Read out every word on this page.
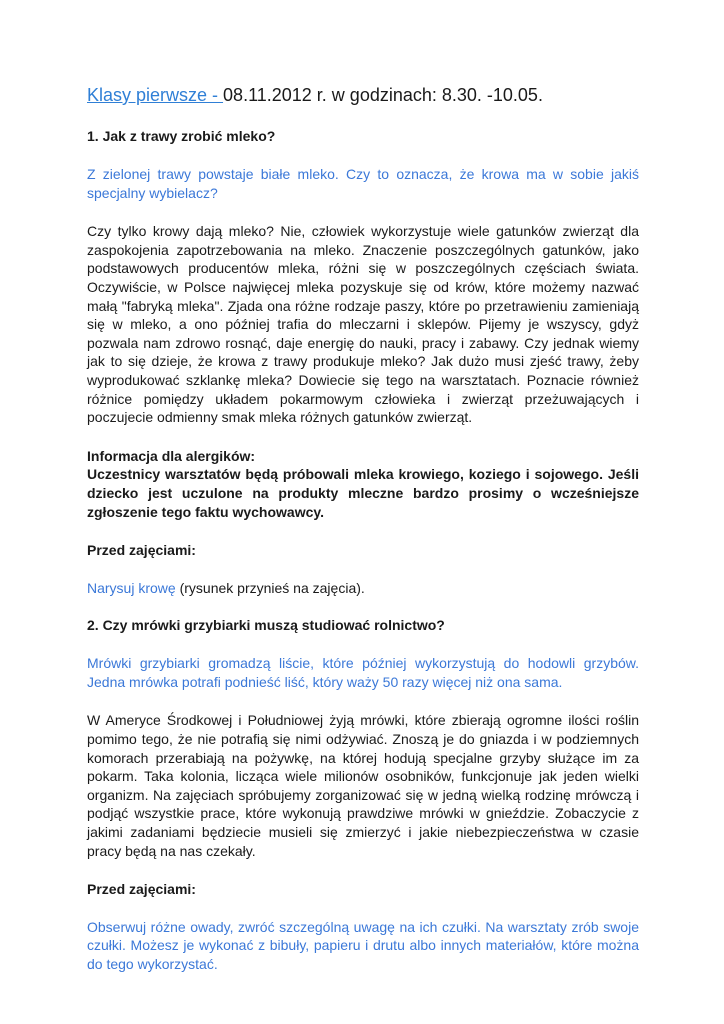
Klasy pierwsze - 08.11.2012 r. w godzinach: 8.30. -10.05.
1. Jak z trawy zrobić mleko?

Z zielonej trawy powstaje białe mleko. Czy to oznacza, że krowa ma w sobie jakiś specjalny wybielacz?

Czy tylko krowy dają mleko? Nie, człowiek wykorzystuje wiele gatunków zwierząt dla zaspokojenia zapotrzebowania na mleko. Znaczenie poszczególnych gatunków, jako podstawowych producentów mleka, różni się w poszczególnych częściach świata. Oczywiście, w Polsce najwięcej mleka pozyskuje się od krów, które możemy nazwać małą "fabryką mleka". Zjada ona różne rodzaje paszy, które po przetrawieniu zamieniają się w mleko, a ono później trafia do mleczarni i sklepów. Pijemy je wszyscy, gdyż pozwala nam zdrowo rosnąć, daje energię do nauki, pracy i zabawy. Czy jednak wiemy jak to się dzieje, że krowa z trawy produkuje mleko? Jak dużo musi zjeść trawy, żeby wyprodukować szklankę mleka? Dowiecie się tego na warsztatach. Poznacie również różnice pomiędzy układem pokarmowym człowieka i zwierząt przeżuwających i poczujecie odmienny smak mleka różnych gatunków zwierząt.

Informacja dla alergików:

Uczestnicy warsztatów będą próbowali mleka krowiego, koziego i sojowego. Jeśli dziecko jest uczulone na produkty mleczne bardzo prosimy o wcześniejsze zgłoszenie tego faktu wychowawcy.

Przed zajęciami:

Narysuj krowę (rysunek przynieś na zajęcia).

2. Czy mrówki grzybiarki muszą studiować rolnictwo?

Mrówki grzybiarki gromadzą liście, które później wykorzystują do hodowli grzybów. Jedna mrówka potrafi podnieść liść, który waży 50 razy więcej niż ona sama.

W Ameryce Środkowej i Południowej żyją mrówki, które zbierają ogromne ilości roślin pomimo tego, że nie potrafią się nimi odżywiać. Znoszą je do gniazda i w podziemnych komorach przerabiają na pożywkę, na której hodują specjalne grzyby służące im za pokarm. Taka kolonia, licząca wiele milionów osobników, funkcjonuje jak jeden wielki organizm. Na zajęciach spróbujemy zorganizować się w jedną wielką rodzinę mrówczą i podjąć wszystkie prace, które wykonują prawdziwe mrówki w gnieździe. Zobaczycie z jakimi zadaniami będziecie musieli się zmierzyć i jakie niebezpieczeństwa w czasie pracy będą na nas czekały.

Przed zajęciami:

Obserwuj różne owady, zwróć szczególną uwagę na ich czułki. Na warsztaty zrób swoje czułki. Możesz je wykonać z bibuły, papieru i drutu albo innych materiałów, które można do tego wykorzystać.
